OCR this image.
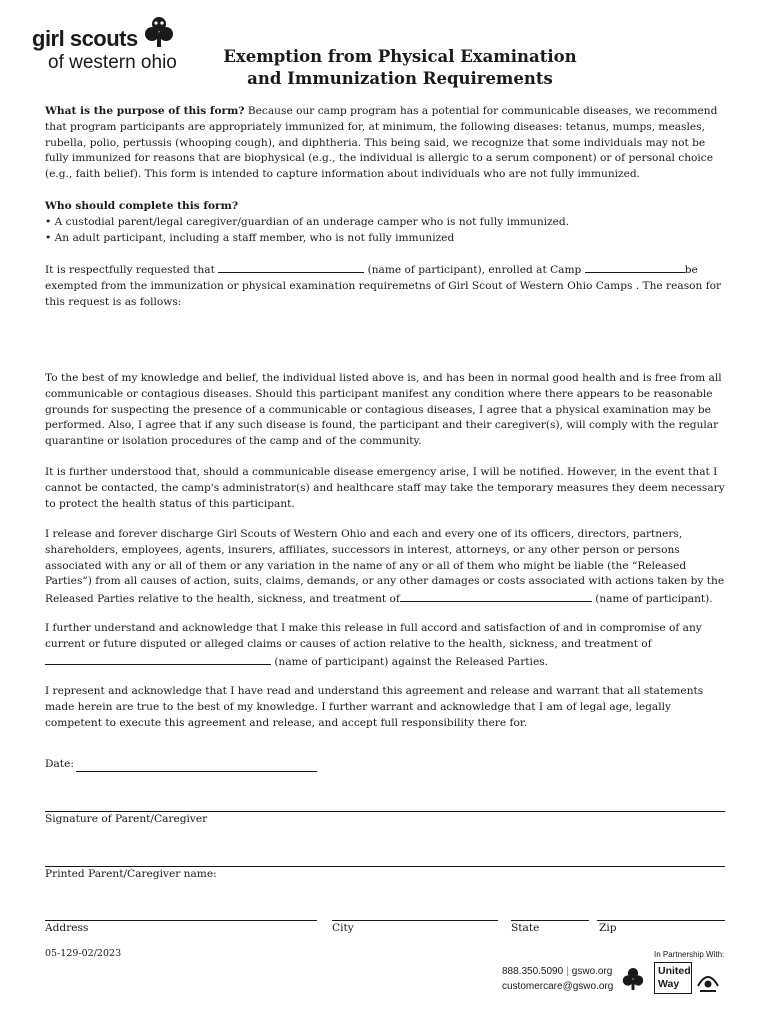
girl scouts
of western ohio	Exemption from Physical Examination
and Immunization Requirements
What is the purpose of this form? Because our camp program has a potential for communicable diseases, we recommend that program participants are appropriately immunized for, at minimum, the following diseases: tetanus, mumps, measles, rubella, polio, pertussis (whooping cough), and diphtheria. This being said, we recognize that some individuals may not be fully immunized for reasons that are biophysical (e.g., the individual is allergic to a serum component) or of personal choice (e.g., faith belief). This form is intended to capture information about individuals who are not fully immunized.
Who should complete this form?
• A custodial parent/legal caregiver/guardian of an underage camper who is not fully immunized.
• An adult participant, including a staff member, who is not fully immunized
It is respectfully requested that	(name of participant), enrolled at Camp	be exempted from the immunization or physical examination requiremetns of Girl Scout of Western Ohio Camps . The reason for this request is as follows:
To the best of my knowledge and belief, the individual listed above is, and has been in normal good health and is free from all communicable or contagious diseases. Should this participant manifest any condition where there appears to be reasonable grounds for suspecting the presence of a communicable or contagious diseases, I agree that a physical examination may be performed. Also, I agree that if any such disease is found, the participant and their caregiver(s), will comply with the regular quarantine or isolation procedures of the camp and of the community.
It is further understood that, should a communicable disease emergency arise, I will be notified. However, in the event that I cannot be contacted, the camp's administrator(s) and healthcare staff may take the temporary measures they deem necessary to protect the health status of this participant.
I release and forever discharge Girl Scouts of Western Ohio and each and every one of its officers, directors, partners, shareholders, employees, agents, insurers, affiliates, successors in interest, attorneys, or any other person or persons associated with any or all of them or any variation in the name of any or all of them who might be liable (the “Released Parties”) from all causes of action, suits, claims, demands, or any other damages or costs associated with actions taken by the Released Parties relative to the health, sickness, and treatment of	(name of participant).
I further understand and acknowledge that I make this release in full accord and satisfaction of and in compromise of any current or future disputed or alleged claims or causes of action relative to the health, sickness, and treatment of
(name of participant) against the Released Parties.
I represent and acknowledge that I have read and understand this agreement and release and warrant that all statements made herein are true to the best of my knowledge. I further warrant and acknowledge that I am of legal age, legally competent to execute this agreement and release, and accept full responsibility there for.
Date:
Signature of Parent/Caregiver
Printed Parent/Caregiver name:
Address	City	State	Zip
05-129-02/2023
888.350.5090 | gswo.org
customercare@gswo.org
In Partnership With:
United
Way
